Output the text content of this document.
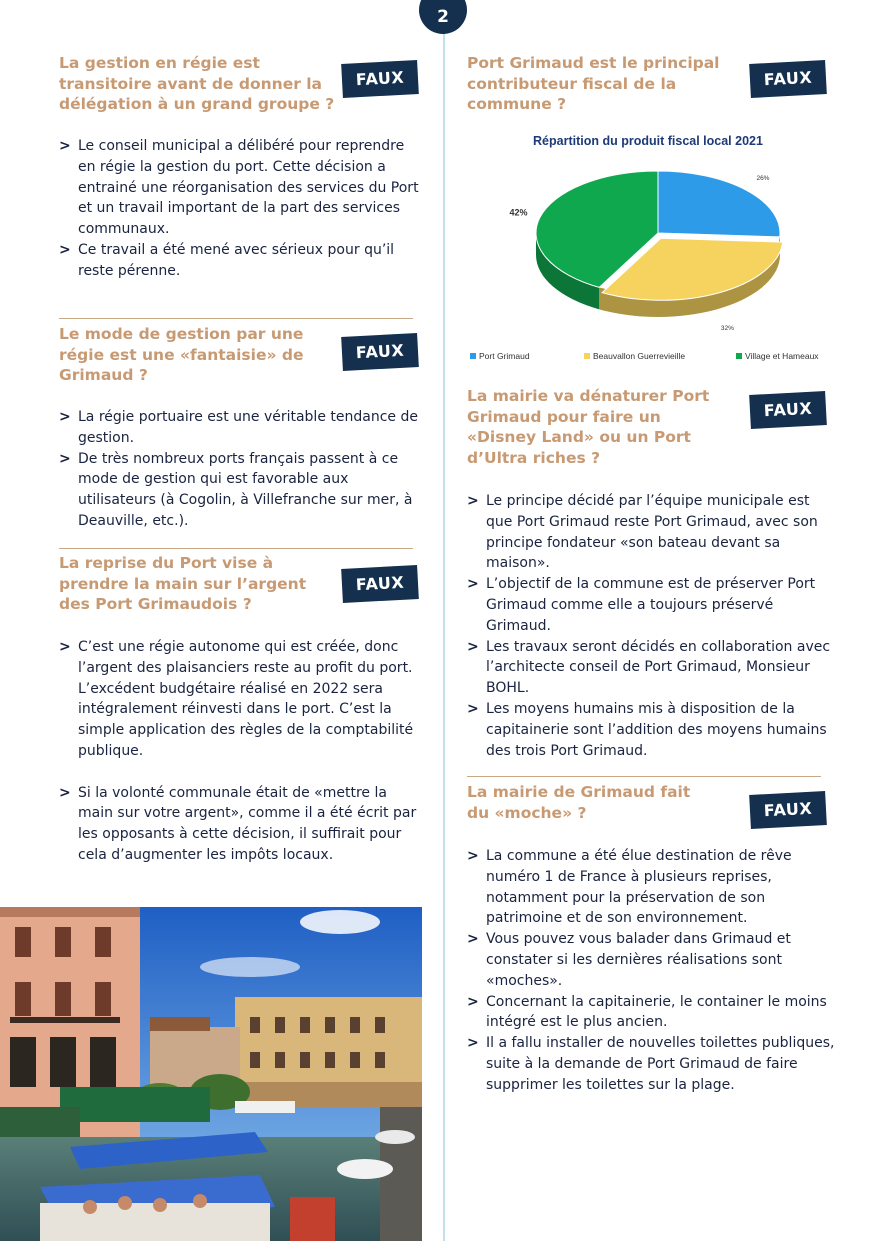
2
La gestion en régie est transitoire avant de donner la délégation à un grand groupe ?
FAUX
> Le conseil municipal a délibéré pour reprendre en régie la gestion du port. Cette décision a entrainé une réorganisation des services du Port et un travail important de la part des services communaux.
> Ce travail a été mené avec sérieux pour qu’il reste pérenne.
Le mode de gestion par une régie est une «fantaisie» de Grimaud ?
FAUX
> La régie portuaire est une véritable tendance de gestion.
> De très nombreux ports français passent à ce mode de gestion qui est favorable aux utilisateurs (à Cogolin, à Villefranche sur mer, à Deauville, etc.).
La reprise du Port vise à prendre la main sur l’argent des Port Grimaudois ?
FAUX
> C’est une régie autonome qui est créée, donc l’argent des plaisanciers reste au profit du port. L’excédent budgétaire réalisé en 2022 sera intégralement réinvesti dans le port. C’est la simple application des règles de la comptabilité publique.
> Si la volonté communale était de «mettre la main sur votre argent», comme il a été écrit par les opposants à cette décision, il suffirait pour cela d’augmenter les impôts locaux.
Port Grimaud est le principal contributeur fiscal de la commune ?
FAUX
Répartition du produit fiscal local 2021
26%
32%
42%
Port Grimaud	Beauvallon Guerrevieille	Village et Hameaux
La mairie va dénaturer Port Grimaud pour faire un «Disney Land» ou un Port d’Ultra riches ?
FAUX
> Le principe décidé par l’équipe municipale est que Port Grimaud reste Port Grimaud, avec son principe fondateur «son bateau devant sa maison».
> L’objectif de la commune est de préserver Port Grimaud comme elle a toujours préservé Grimaud.
> Les travaux seront décidés en collaboration avec l’architecte conseil de Port Grimaud, Monsieur BOHL.
> Les moyens humains mis à disposition de la capitainerie sont l’addition des moyens humains des trois Port Grimaud.
La mairie de Grimaud fait du «moche» ?	FAUX
> La commune a été élue destination de rêve numéro 1 de France à plusieurs reprises, notamment pour la préservation de son patrimoine et de son environnement.
> Vous pouvez vous balader dans Grimaud et constater si les dernières réalisations sont «moches».
> Concernant la capitainerie, le container le moins intégré est le plus ancien.
> Il a fallu installer de nouvelles toilettes publiques, suite à la demande de Port Grimaud de faire supprimer les toilettes sur la plage.
